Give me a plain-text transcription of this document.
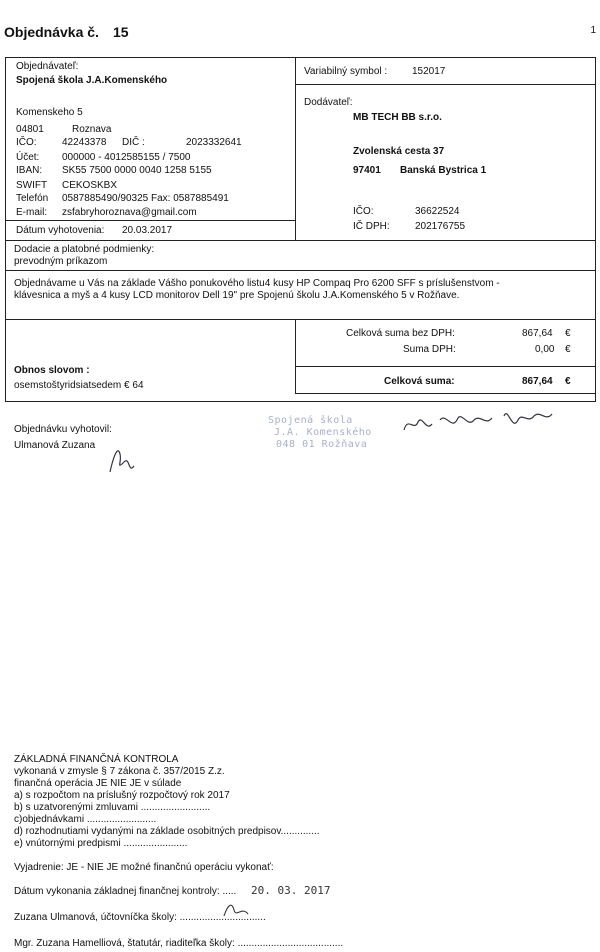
Objednávka č. 15	1
Objednávateľ:
Spojená škola J.A.Komenského
Komenskeho 5
04801	Roznava
IČO:	42243378 DIČ :	2023332641
Účet: 000000 - 4012585155 / 7500
IBAN: SK55 7500 0000 0040 1258 5155
SWIFT CEKOSKBX
Telefón 0587885490/90325 Fax: 0587885491
E-mail: zsfabryhoroznava@gmail.com
Dátum vyhotovenia: 20.03.2017
Variabilný symbol : 152017
Dodávateľ:
MB TECH BB s.r.o.
Zvolenská cesta 37
97401 Banská Bystrica 1
IČO:	36622524
IČ DPH:	202176755
Dodacie a platobné podmienky:
prevodným príkazom
Objednávame u Vás na základe Vášho ponukového listu4 kusy HP Compaq Pro 6200 SFF s príslušenstvom -
klávesnica a myš a 4 kusy LCD monitorov Dell 19" pre Spojenú školu J.A.Komenského 5 v Rožňave.
Celková suma bez DPH:	867,64 €
Suma DPH:	0,00 €
Celková suma:	867,64 €
Obnos slovom :
osemstoštyridsiatsedem € 64
Objednávku vyhotovil:
Ulmanová Zuzana
Spojená škola
J.A. Komenského
048 01 Rožňava
ZÁKLADNÁ FINANČNÁ KONTROLA
vykonaná v zmysle § 7 zákona č. 357/2015 Z.z.
finančná operácia JE NIE JE v súlade
a) s rozpočtom na príslušný rozpočtový rok 2017
b) s uzatvorenými zmluvami .........................
c)objednávkami .........................
d) rozhodnutiami vydanými na základe osobitných predpisov..............
e) vnútornými predpismi .......................
Vyjadrenie: JE - NIE JE možné finančnú operáciu vykonať:
Dátum vykonania základnej finančnej kontroly: ..... 20. 03. 2017
Zuzana Ulmanová, účtovníčka školy: ...............................
Mgr. Zuzana Hamelliová, štatutár, riaditeľka školy: ......................................
